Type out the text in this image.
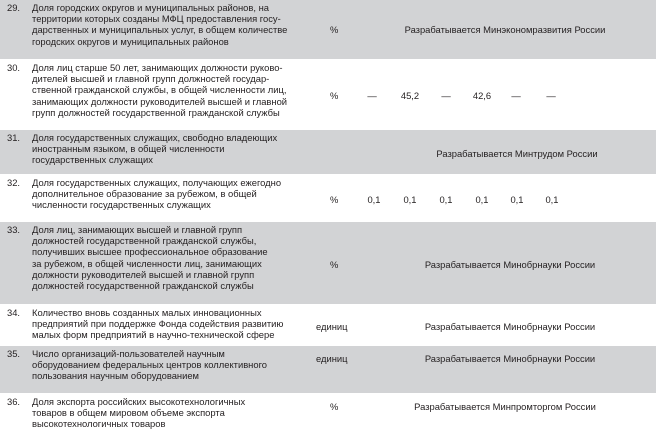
29. Доля городских округов и муниципальных районов, на
территории которых созданы МФЦ предоставления госу-
дарственных и муниципальных услуг, в общем количестве
городских округов и муниципальных районов
%	Разрабатывается Минэкономразвития России
30. Доля лиц старше 50 лет, занимающих должности руково-
дителей высшей и главной групп должностей государ-
ственной гражданской службы, в общей численности лиц,
занимающих должности руководителей высшей и главной
групп должностей государственной гражданской службы
%	—	45,2	—	42,6	—	—
31. Доля государственных служащих, свободно владеющих
иностранным языком, в общей численности
государственных служащих
Разрабатывается Минтрудом России
32. Доля государственных служащих, получающих ежегодно
дополнительное образование за рубежом, в общей
численности государственных служащих	%	0,1	0,1	0,1	0,1	0,1	0,1
33. Доля лиц, занимающих высшей и главной групп
должностей государственной гражданской службы,
получивших высшее профессиональное образование
за рубежом, в общей численности лиц, занимающих
должности руководителей высшей и главной групп
должностей государственной гражданской службы
%	Разрабатывается Минобрнауки России
34. Количество вновь созданных малых инновационных
предприятий при поддержке Фонда содействия развитию
малых форм предприятий в научно-технической сфере
единиц	Разрабатывается Минобрнауки России
35. Число организаций-пользователей научным
оборудованием федеральных центров коллективного
пользования научным оборудованием
единиц	Разрабатывается Минобрнауки России
36. Доля экспорта российских высокотехнологичных
товаров в общем мировом объеме экспорта
высокотехнологичных товаров
%	Разрабатывается Минпромторгом России
